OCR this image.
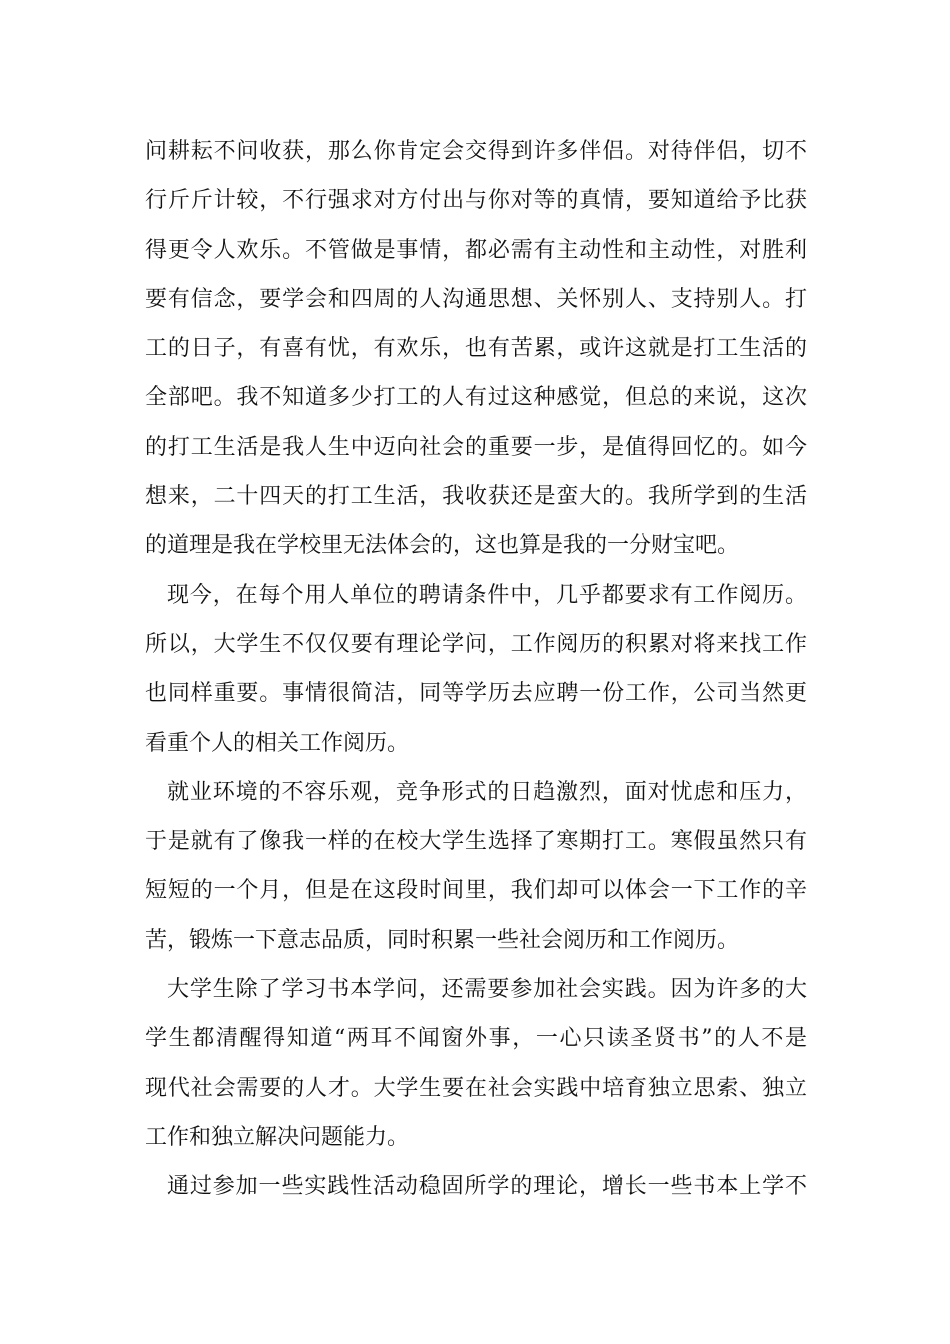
问耕耘不问收获，那么你肯定会交得到许多伴侣。对待伴侣，切不
行斤斤计较，不行强求对方付出与你对等的真情，要知道给予比获
得更令人欢乐。不管做是事情，都必需有主动性和主动性，对胜利
要有信念，要学会和四周的人沟通思想、关怀别人、支持别人。打
工的日子，有喜有忧，有欢乐，也有苦累，或许这就是打工生活的
全部吧。我不知道多少打工的人有过这种感觉，但总的来说，这次
的打工生活是我人生中迈向社会的重要一步，是值得回忆的。如今
想来，二十四天的打工生活，我收获还是蛮大的。我所学到的生活
的道理是我在学校里无法体会的，这也算是我的一分财宝吧。
现今，在每个用人单位的聘请条件中，几乎都要求有工作阅历。
所以，大学生不仅仅要有理论学问，工作阅历的积累对将来找工作
也同样重要。事情很简洁，同等学历去应聘一份工作，公司当然更
看重个人的相关工作阅历。
就业环境的不容乐观，竞争形式的日趋激烈，面对忧虑和压力，
于是就有了像我一样的在校大学生选择了寒期打工。寒假虽然只有
短短的一个月，但是在这段时间里，我们却可以体会一下工作的辛
苦，锻炼一下意志品质，同时积累一些社会阅历和工作阅历。
大学生除了学习书本学问，还需要参加社会实践。因为许多的大
学生都清醒得知道“两耳不闻窗外事，一心只读圣贤书”的人不是
现代社会需要的人才。大学生要在社会实践中培育独立思索、独立
工作和独立解决问题能力。
通过参加一些实践性活动稳固所学的理论，增长一些书本上学不
